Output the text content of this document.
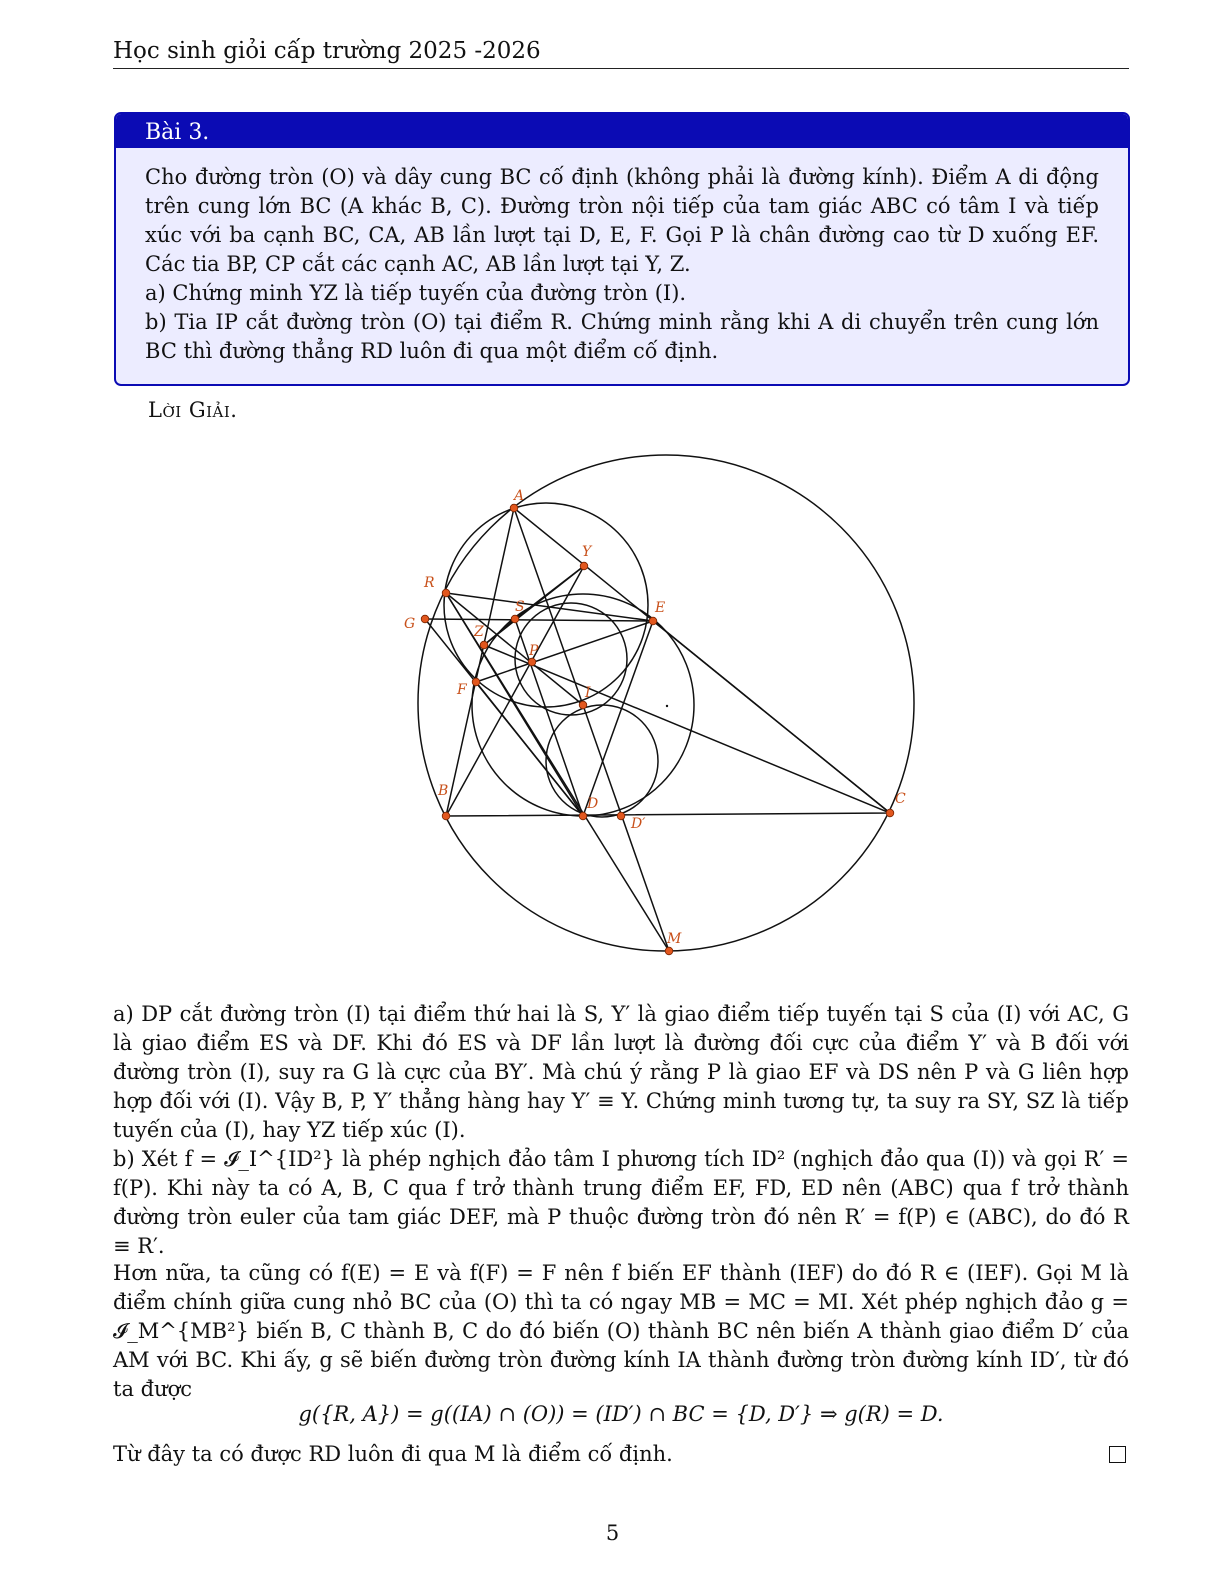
Học sinh giỏi cấp trường 2025 -2026
Bài 3.

Cho đường tròn (O) và dây cung BC cố định (không phải là đường kính). Điểm A di động trên cung lớn BC (A khác B, C). Đường tròn nội tiếp của tam giác ABC có tâm I và tiếp xúc với ba cạnh BC, CA, AB lần lượt tại D, E, F. Gọi P là chân đường cao từ D xuống EF. Các tia BP, CP cắt các cạnh AC, AB lần lượt tại Y, Z.

a) Chứng minh YZ là tiếp tuyến của đường tròn (I).

b) Tia IP cắt đường tròn (O) tại điểm R. Chứng minh rằng khi A di chuyển trên cung lớn BC thì đường thẳng RD luôn đi qua một điểm cố định.

Lời Giải.
A
Y
R
S	E
G	Z
P
F	I
B
D
D′
C
M

a) DP cắt đường tròn (I) tại điểm thứ hai là S, Y′ là giao điểm tiếp tuyến tại S của (I) với AC, G là giao điểm ES và DF. Khi đó ES và DF lần lượt là đường đối cực của điểm Y′ và B đối với đường tròn (I), suy ra G là cực của BY′. Mà chú ý rằng P là giao EF và DS nên P và G liên hợp hợp đối với (I). Vậy B, P, Y′ thẳng hàng hay Y′ ≡ Y. Chứng minh tương tự, ta suy ra SY, SZ là tiếp tuyến của (I), hay YZ tiếp xúc (I).

b) Xét f = 𝓘_I^{ID²} là phép nghịch đảo tâm I phương tích ID² (nghịch đảo qua (I)) và gọi R′ = f(P). Khi này ta có A, B, C qua f trở thành trung điểm EF, FD, ED nên (ABC) qua f trở thành đường tròn euler của tam giác DEF, mà P thuộc đường tròn đó nên R′ = f(P) ∈ (ABC), do đó R ≡ R′.

Hơn nữa, ta cũng có f(E) = E và f(F) = F nên f biến EF thành (IEF) do đó R ∈ (IEF). Gọi M là điểm chính giữa cung nhỏ BC của (O) thì ta có ngay MB = MC = MI. Xét phép nghịch đảo g = 𝓘_M^{MB²} biến B, C thành B, C do đó biến (O) thành BC nên biến A thành giao điểm D′ của AM với BC. Khi ấy, g sẽ biến đường tròn đường kính IA thành đường tròn đường kính ID′, từ đó ta được

g({R, A}) = g((IA) ∩ (O)) = (ID′) ∩ BC = {D, D′} ⇒ g(R) = D.
Từ đây ta có được RD luôn đi qua M là điểm cố định.
5
